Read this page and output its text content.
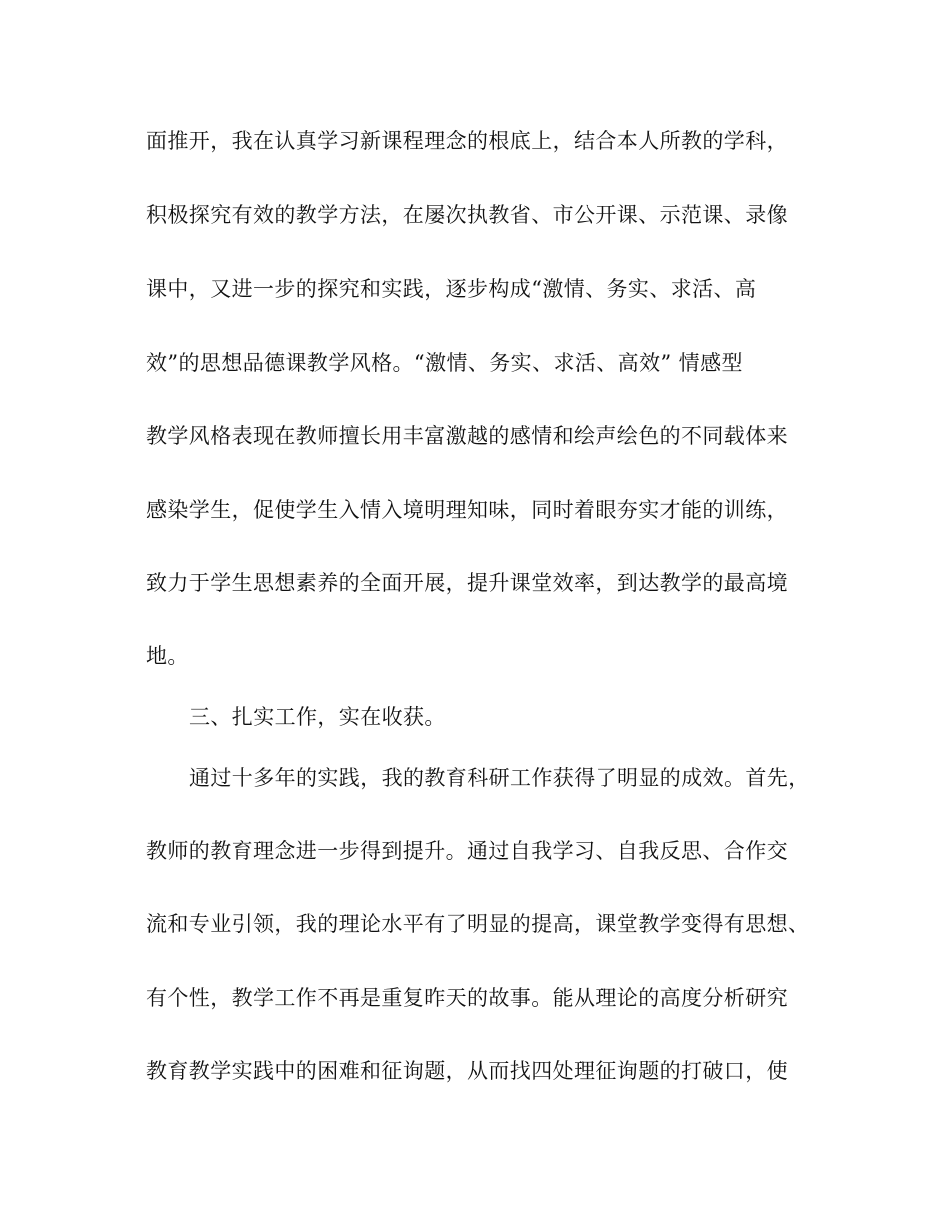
面推开，我在认真学习新课程理念的根底上，结合本人所教的学科，
积极探究有效的教学方法，在屡次执教省、市公开课、示范课、录像
课中，又进一步的探究和实践，逐步构成“激情、务实、求活、高
效”的思想品德课教学风格。“激情、务实、求活、高效” 情感型
教学风格表现在教师擅长用丰富激越的感情和绘声绘色的不同载体来
感染学生，促使学生入情入境明理知味，同时着眼夯实才能的训练，
致力于学生思想素养的全面开展，提升课堂效率，到达教学的最高境
地。
三、扎实工作，实在收获。
通过十多年的实践，我的教育科研工作获得了明显的成效。首先，
教师的教育理念进一步得到提升。通过自我学习、自我反思、合作交
流和专业引领，我的理论水平有了明显的提高，课堂教学变得有思想、
有个性，教学工作不再是重复昨天的故事。能从理论的高度分析研究
教育教学实践中的困难和征询题，从而找四处理征询题的打破口，使
